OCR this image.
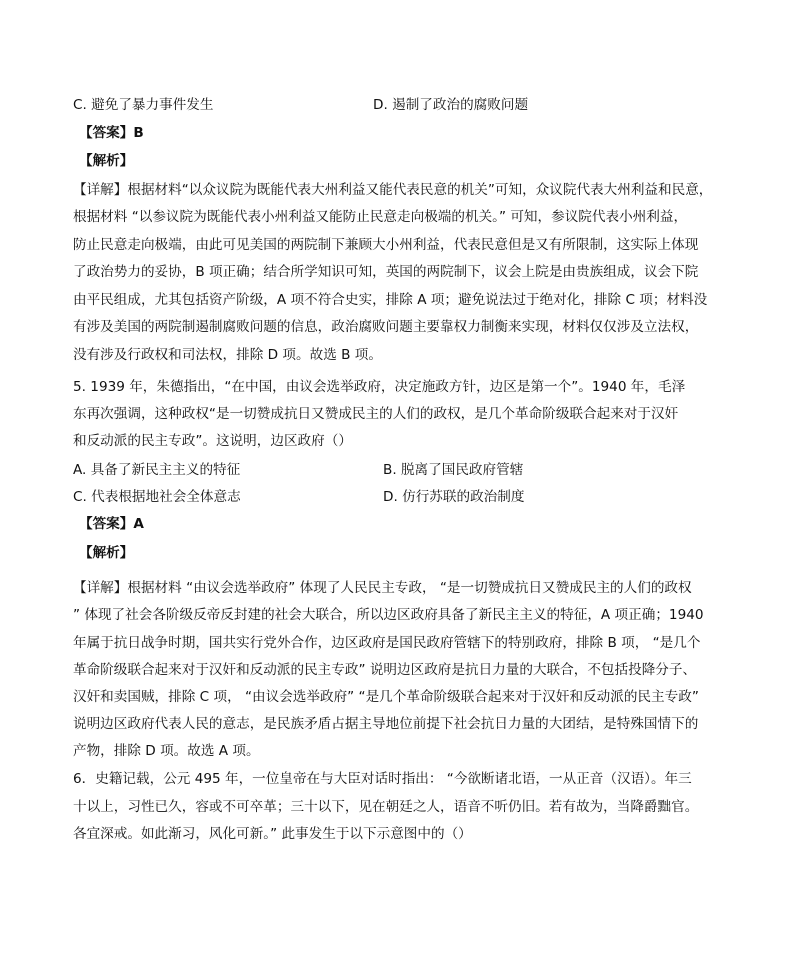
C. 避免了暴力事件发生	D. 遏制了政治的腐败问题
【答案】B
【解析】
【详解】根据材料“以众议院为既能代表大州利益又能代表民意的机关”可知，众议院代表大州利益和民意，
根据材料 “以参议院为既能代表小州利益又能防止民意走向极端的机关。” 可知，参议院代表小州利益，
防止民意走向极端，由此可见美国的两院制下兼顾大小州利益，代表民意但是又有所限制，这实际上体现
了政治势力的妥协，B 项正确；结合所学知识可知，英国的两院制下，议会上院是由贵族组成，议会下院
由平民组成，尤其包括资产阶级，A 项不符合史实，排除 A 项；避免说法过于绝对化，排除 C 项；材料没
有涉及美国的两院制遏制腐败问题的信息，政治腐败问题主要靠权力制衡来实现，材料仅仅涉及立法权，
没有涉及行政权和司法权，排除 D 项。故选 B 项。
5. 1939 年，朱德指出，“在中国，由议会选举政府，决定施政方针，边区是第一个”。1940 年，毛泽
东再次强调，这种政权“是一切赞成抗日又赞成民主的人们的政权，是几个革命阶级联合起来对于汉奸
和反动派的民主专政”。这说明，边区政府（）
A. 具备了新民主主义的特征	B. 脱离了国民政府管辖
C. 代表根据地社会全体意志	D. 仿行苏联的政治制度
【答案】A
【解析】
【详解】根据材料 “由议会选举政府” 体现了人民民主专政， “是一切赞成抗日又赞成民主的人们的政权
” 体现了社会各阶级反帝反封建的社会大联合，所以边区政府具备了新民主主义的特征，A 项正确；1940
年属于抗日战争时期，国共实行党外合作，边区政府是国民政府管辖下的特别政府，排除 B 项， “是几个
革命阶级联合起来对于汉奸和反动派的民主专政” 说明边区政府是抗日力量的大联合，不包括投降分子、
汉奸和卖国贼，排除 C 项， “由议会选举政府” “是几个革命阶级联合起来对于汉奸和反动派的民主专政”
说明边区政府代表人民的意志，是民族矛盾占据主导地位前提下社会抗日力量的大团结，是特殊国情下的
产物，排除 D 项。故选 A 项。
6．史籍记载，公元 495 年，一位皇帝在与大臣对话时指出： “今欲断诸北语，一从正音（汉语）。年三
十以上，习性已久，容或不可卒革；三十以下，见在朝廷之人，语音不听仍旧。若有故为，当降爵黜官。
各宜深戒。如此渐习，风化可新。” 此事发生于以下示意图中的（）
